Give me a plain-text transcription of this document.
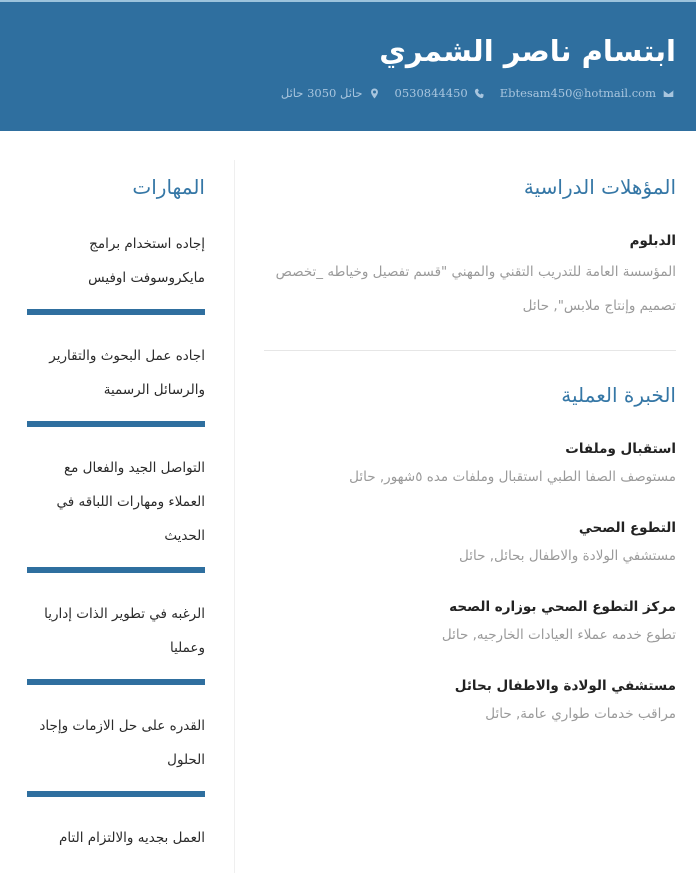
ابتسام ناصر الشمري
Ebtesam450@hotmail.com
0530844450
حائل 3050 حائل
المؤهلات الدراسية
الدبلوم
المؤسسة العامة للتدريب التقني والمهني "قسم تفصيل وخياطه _تخصص تصميم وإنتاج ملابس", حائل
الخبرة العملية
استقبال وملفات
مستوصف الصفا الطبي استقبال وملفات مده ٥شهور, حائل
التطوع الصحي
مستشفي الولادة والاطفال بحائل, حائل
مركز التطوع الصحي بوزاره الصحه
تطوع خدمه عملاء العيادات الخارجيه, حائل
مستشفي الولادة والاطفال بحائل
مراقب خدمات طواري عامة, حائل
المهارات
إجاده استخدام برامج مايكروسوفت اوفيس
اجاده عمل البحوث والتقارير والرسائل الرسمية
التواصل الجيد والفعال مع العملاء ومهارات اللباقه في الحديث
الرغبه في تطوير الذات إداريا وعمليا
القدره على حل الازمات وإجاد الحلول
العمل بجديه والالتزام التام
